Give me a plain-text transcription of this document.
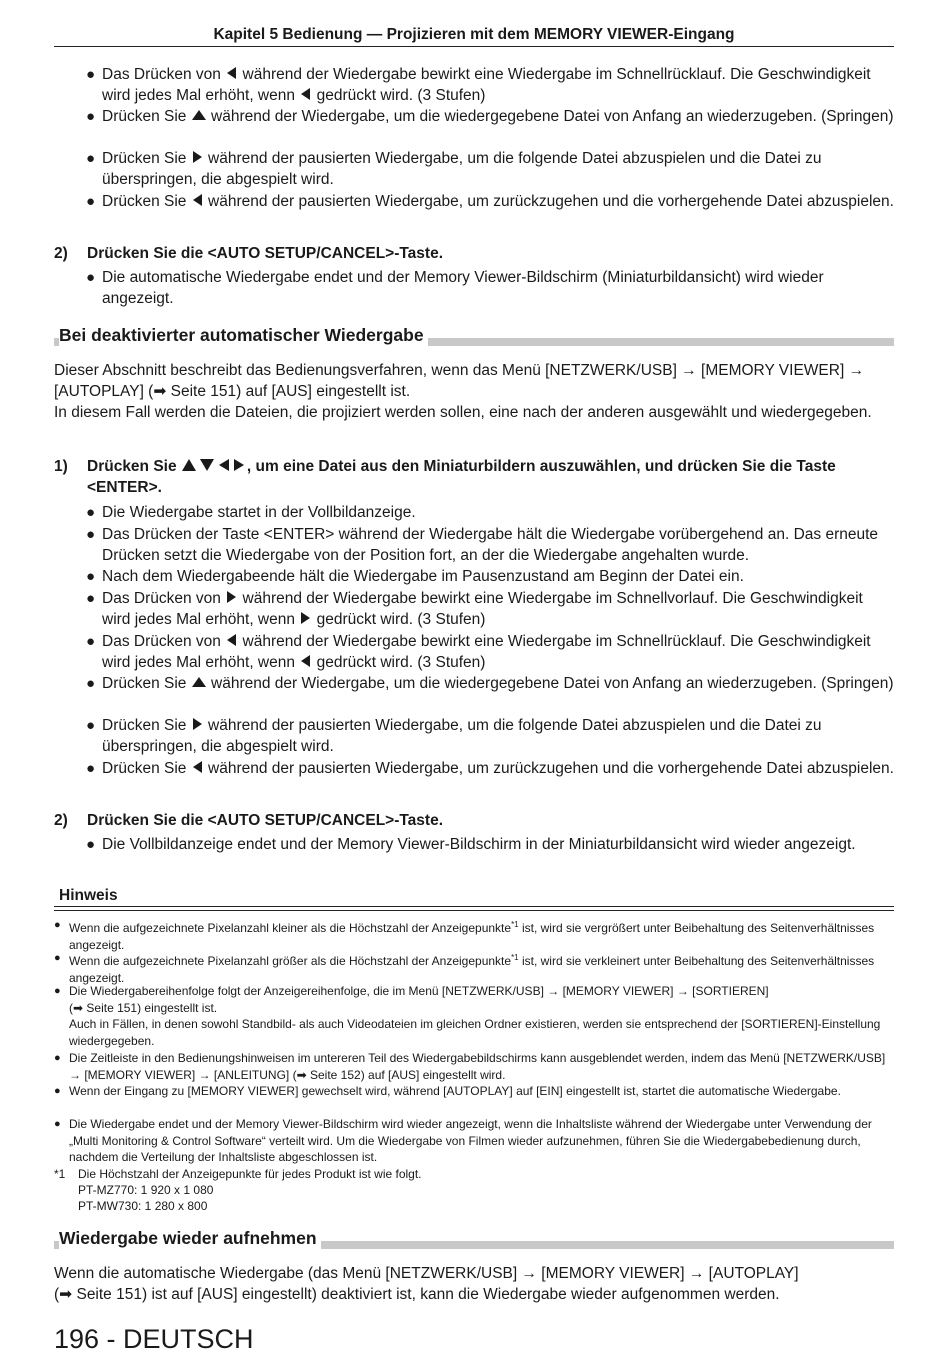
Kapitel 5 Bedienung — Projizieren mit dem MEMORY VIEWER-Eingang
● Das Drücken von  während der Wiedergabe bewirkt eine Wiedergabe im Schnellrücklauf. Die Geschwindigkeit wird jedes Mal erhöht, wenn  gedrückt wird. (3 Stufen)
● Drücken Sie  während der Wiedergabe, um die wiedergegebene Datei von Anfang an wiederzugeben. (Springen)
● Drücken Sie  während der pausierten Wiedergabe, um die folgende Datei abzuspielen und die Datei zu überspringen, die abgespielt wird.
● Drücken Sie  während der pausierten Wiedergabe, um zurückzugehen und die vorhergehende Datei abzuspielen.
2) Drücken Sie die <AUTO SETUP/CANCEL>-Taste.
● Die automatische Wiedergabe endet und der Memory Viewer-Bildschirm (Miniaturbildansicht) wird wieder angezeigt.
Bei deaktivierter automatischer Wiedergabe
Dieser Abschnitt beschreibt das Bedienungsverfahren, wenn das Menü [NETZWERK/USB] → [MEMORY VIEWER] → [AUTOPLAY] (➡ Seite 151) auf [AUS] eingestellt ist.
In diesem Fall werden die Dateien, die projiziert werden sollen, eine nach der anderen ausgewählt und wiedergegeben.
1) Drücken Sie	, um eine Datei aus den Miniaturbildern auszuwählen, und drücken Sie die Taste <ENTER>.
● Die Wiedergabe startet in der Vollbildanzeige.
● Das Drücken der Taste <ENTER> während der Wiedergabe hält die Wiedergabe vorübergehend an. Das erneute Drücken setzt die Wiedergabe von der Position fort, an der die Wiedergabe angehalten wurde.
● Nach dem Wiedergabeende hält die Wiedergabe im Pausenzustand am Beginn der Datei ein.
● Das Drücken von  während der Wiedergabe bewirkt eine Wiedergabe im Schnellvorlauf. Die Geschwindigkeit wird jedes Mal erhöht, wenn  gedrückt wird. (3 Stufen)
● Das Drücken von  während der Wiedergabe bewirkt eine Wiedergabe im Schnellrücklauf. Die Geschwindigkeit wird jedes Mal erhöht, wenn  gedrückt wird. (3 Stufen)
● Drücken Sie  während der Wiedergabe, um die wiedergegebene Datei von Anfang an wiederzugeben. (Springen)
● Drücken Sie  während der pausierten Wiedergabe, um die folgende Datei abzuspielen und die Datei zu überspringen, die abgespielt wird.
● Drücken Sie  während der pausierten Wiedergabe, um zurückzugehen und die vorhergehende Datei abzuspielen.
2) Drücken Sie die <AUTO SETUP/CANCEL>-Taste.
● Die Vollbildanzeige endet und der Memory Viewer-Bildschirm in der Miniaturbildansicht wird wieder angezeigt.
Hinweis
● Wenn die aufgezeichnete Pixelanzahl kleiner als die Höchstzahl der Anzeigepunkte$^{*1}$ ist, wird sie vergrößert unter Beibehaltung des Seitenverhältnisses angezeigt.
● Wenn die aufgezeichnete Pixelanzahl größer als die Höchstzahl der Anzeigepunkte$^{*1}$ ist, wird sie verkleinert unter Beibehaltung des Seitenverhältnisses angezeigt.
● Die Wiedergabereihenfolge folgt der Anzeigereihenfolge, die im Menü [NETZWERK/USB] → [MEMORY VIEWER] → [SORTIEREN]
(➡ Seite 151) eingestellt ist.
Auch in Fällen, in denen sowohl Standbild- als auch Videodateien im gleichen Ordner existieren, werden sie entsprechend der [SORTIEREN]-Einstellung wiedergegeben.
● Die Zeitleiste in den Bedienungshinweisen im untereren Teil des Wiedergabebildschirms kann ausgeblendet werden, indem das Menü [NETZWERK/USB] → [MEMORY VIEWER] → [ANLEITUNG] (➡ Seite 152) auf [AUS] eingestellt wird.
● Wenn der Eingang zu [MEMORY VIEWER] gewechselt wird, während [AUTOPLAY] auf [EIN] eingestellt ist, startet die automatische Wiedergabe.
● Die Wiedergabe endet und der Memory Viewer-Bildschirm wird wieder angezeigt, wenn die Inhaltsliste während der Wiedergabe unter Verwendung der „Multi Monitoring & Control Software“ verteilt wird. Um die Wiedergabe von Filmen wieder aufzunehmen, führen Sie die Wiedergabebedienung durch, nachdem die Verteilung der Inhaltsliste abgeschlossen ist.
*1 Die Höchstzahl der Anzeigepunkte für jedes Produkt ist wie folgt.
PT-MZ770: 1 920 x 1 080
PT-MW730: 1 280 x 800
Wiedergabe wieder aufnehmen
Wenn die automatische Wiedergabe (das Menü [NETZWERK/USB] → [MEMORY VIEWER] → [AUTOPLAY]
(➡ Seite 151) ist auf [AUS] eingestellt) deaktiviert ist, kann die Wiedergabe wieder aufgenommen werden.
196 - DEUTSCH
